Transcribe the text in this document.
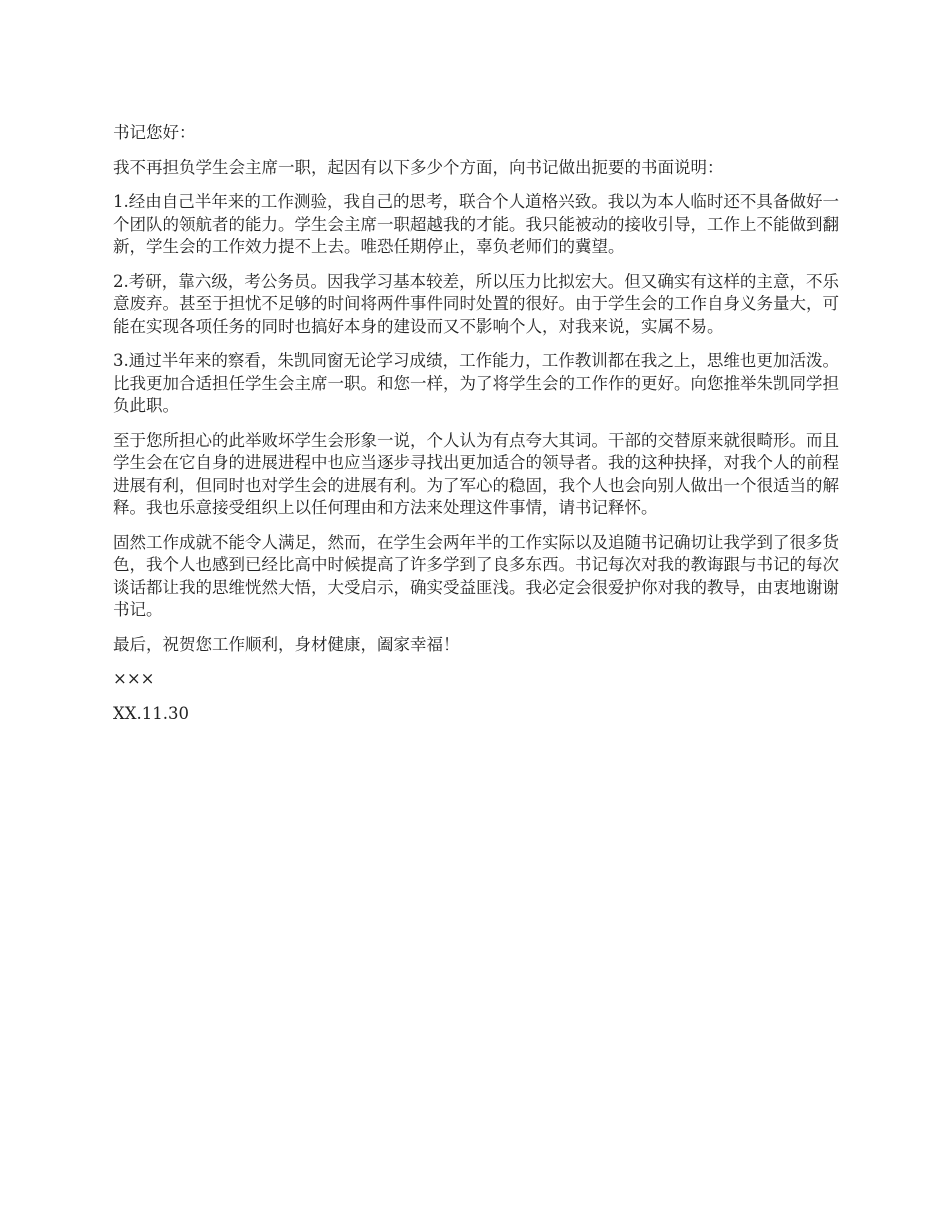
书记您好：

我不再担负学生会主席一职，起因有以下多少个方面，向书记做出扼要的书面说明：

1.经由自己半年来的工作测验，我自己的思考，联合个人道格兴致。我以为本人临时还不具备做好一个团队的领航者的能力。学生会主席一职超越我的才能。我只能被动的接收引导，工作上不能做到翻新，学生会的工作效力提不上去。唯恐任期停止，辜负老师们的冀望。

2.考研，靠六级，考公务员。因我学习基本较差，所以压力比拟宏大。但又确实有这样的主意，不乐意废弃。甚至于担忧不足够的时间将两件事件同时处置的很好。由于学生会的工作自身义务量大，可能在实现各项任务的同时也搞好本身的建设而又不影响个人，对我来说，实属不易。

3.通过半年来的察看，朱凯同窗无论学习成绩，工作能力，工作教训都在我之上，思维也更加活泼。比我更加合适担任学生会主席一职。和您一样，为了将学生会的工作作的更好。向您推举朱凯同学担负此职。

至于您所担心的此举败坏学生会形象一说，个人认为有点夸大其词。干部的交替原来就很畸形。而且学生会在它自身的进展进程中也应当逐步寻找出更加适合的领导者。我的这种抉择，对我个人的前程进展有利，但同时也对学生会的进展有利。为了军心的稳固，我个人也会向别人做出一个很适当的解释。我也乐意接受组织上以任何理由和方法来处理这件事情，请书记释怀。

固然工作成就不能令人满足，然而，在学生会两年半的工作实际以及追随书记确切让我学到了很多货色，我个人也感到已经比高中时候提高了许多学到了良多东西。书记每次对我的教诲跟与书记的每次谈话都让我的思维恍然大悟，大受启示，确实受益匪浅。我必定会很爱护你对我的教导，由衷地谢谢书记。

最后，祝贺您工作顺利，身材健康，阖家幸福！

×××

XX.11.30
